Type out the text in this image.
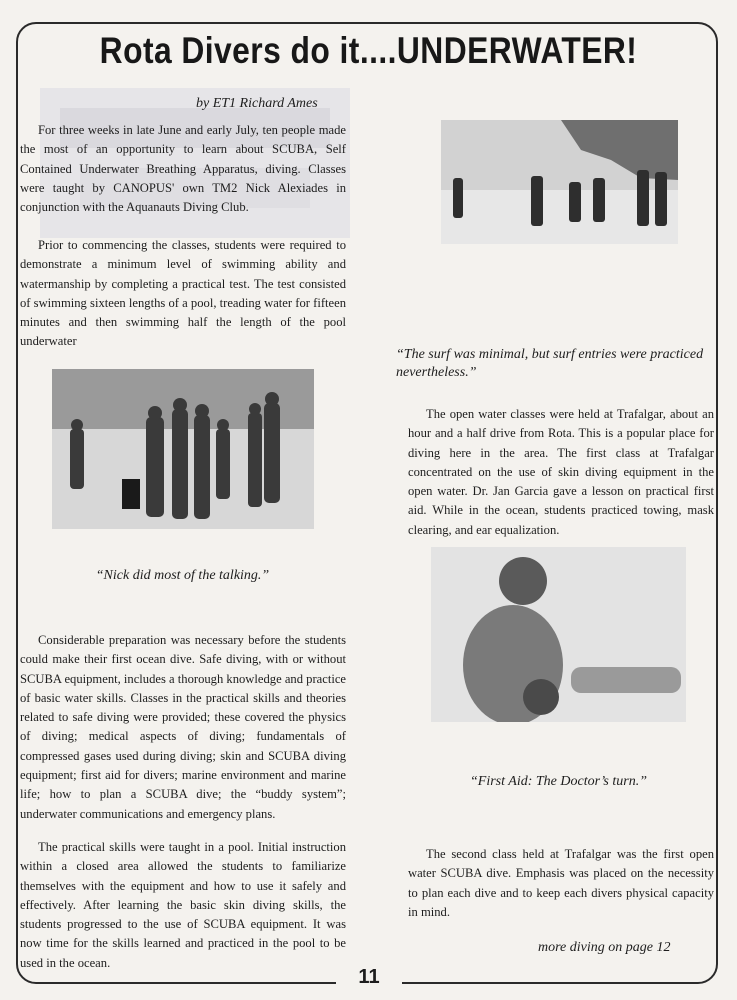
Rota Divers do it....UNDERWATER!
by ET1 Richard Ames

For three weeks in late June and early July, ten people made the most of an opportunity to learn about SCUBA, Self Contained Underwater Breathing Apparatus, diving. Classes were taught by CANOPUS' own TM2 Nick Alexiades in conjunction with the Aquanauts Diving Club.

Prior to commencing the classes, students were required to demonstrate a minimum level of swimming ability and watermanship by completing a practical test. The test consisted of swimming sixteen lengths of a pool, treading water for fifteen minutes and then swimming half the length of the pool underwater

“Nick did most of the talking.”

Considerable preparation was necessary before the students could make their first ocean dive. Safe diving, with or without SCUBA equipment, includes a thorough knowledge and practice of basic water skills. Classes in the practical skills and theories related to safe diving were provided; these covered the physics of diving; medical aspects of diving; fundamentals of compressed gases used during diving; skin and SCUBA diving equipment; first aid for divers; marine environment and marine life; how to plan a SCUBA dive; the “buddy system”; underwater communications and emergency plans.

The practical skills were taught in a pool. Initial instruction within a closed area allowed the students to familiarize themselves with the equipment and how to use it safely and effectively. After learning the basic skin diving skills, the students progressed to the use of SCUBA equipment. It was now time for the skills learned and practiced in the pool to be used in the ocean.

“The surf was minimal, but surf entries were practiced nevertheless.”

The open water classes were held at Trafalgar, about an hour and a half drive from Rota. This is a popular place for diving here in the area. The first class at Trafalgar concentrated on the use of skin diving equipment in the open water. Dr. Jan Garcia gave a lesson on practical first aid. While in the ocean, students practiced towing, mask clearing, and ear equalization.

“First Aid: The Doctor’s turn.”

The second class held at Trafalgar was the first open water SCUBA dive. Emphasis was placed on the necessity to plan each dive and to keep each divers physical capacity in mind.

more diving on page 12
11
